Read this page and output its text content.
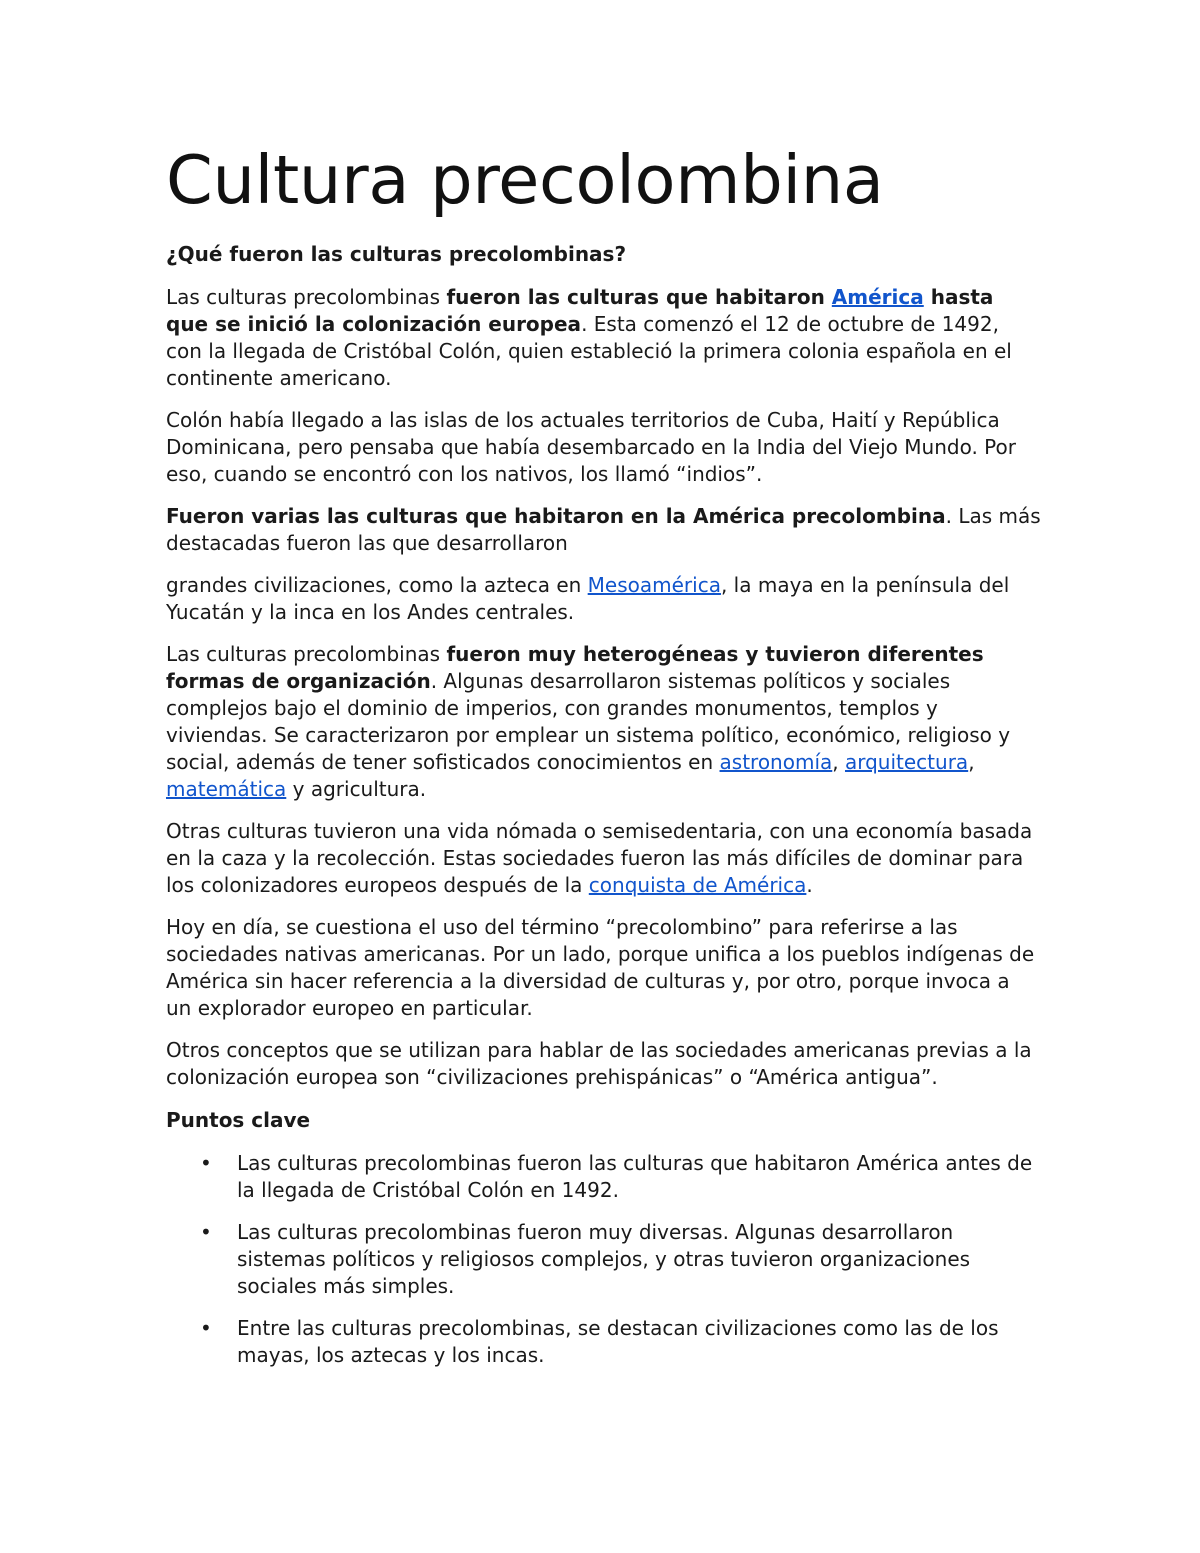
Cultura precolombina
¿Qué fueron las culturas precolombinas?

Las culturas precolombinas fueron las culturas que habitaron América hasta que se inició la colonización europea. Esta comenzó el 12 de octubre de 1492, con la llegada de Cristóbal Colón, quien estableció la primera colonia española en el continente americano.

Colón había llegado a las islas de los actuales territorios de Cuba, Haití y República Dominicana, pero pensaba que había desembarcado en la India del Viejo Mundo. Por eso, cuando se encontró con los nativos, los llamó “indios”.

Fueron varias las culturas que habitaron en la América precolombina. Las más destacadas fueron las que desarrollaron

grandes civilizaciones, como la azteca en Mesoamérica, la maya en la península del Yucatán y la inca en los Andes centrales.

Las culturas precolombinas fueron muy heterogéneas y tuvieron diferentes formas de organización. Algunas desarrollaron sistemas políticos y sociales complejos bajo el dominio de imperios, con grandes monumentos, templos y viviendas. Se caracterizaron por emplear un sistema político, económico, religioso y social, además de tener sofisticados conocimientos en astronomía, arquitectura, matemática y agricultura.

Otras culturas tuvieron una vida nómada o semisedentaria, con una economía basada en la caza y la recolección. Estas sociedades fueron las más difíciles de dominar para los colonizadores europeos después de la conquista de América.

Hoy en día, se cuestiona el uso del término “precolombino” para referirse a las sociedades nativas americanas. Por un lado, porque unifica a los pueblos indígenas de América sin hacer referencia a la diversidad de culturas y, por otro, porque invoca a un explorador europeo en particular.

Otros conceptos que se utilizan para hablar de las sociedades americanas previas a la colonización europea son “civilizaciones prehispánicas” o “América antigua”.

Puntos clave
• Las culturas precolombinas fueron las culturas que habitaron América antes de la llegada de Cristóbal Colón en 1492.
• Las culturas precolombinas fueron muy diversas. Algunas desarrollaron sistemas políticos y religiosos complejos, y otras tuvieron organizaciones sociales más simples.
• Entre las culturas precolombinas, se destacan civilizaciones como las de los mayas, los aztecas y los incas.
